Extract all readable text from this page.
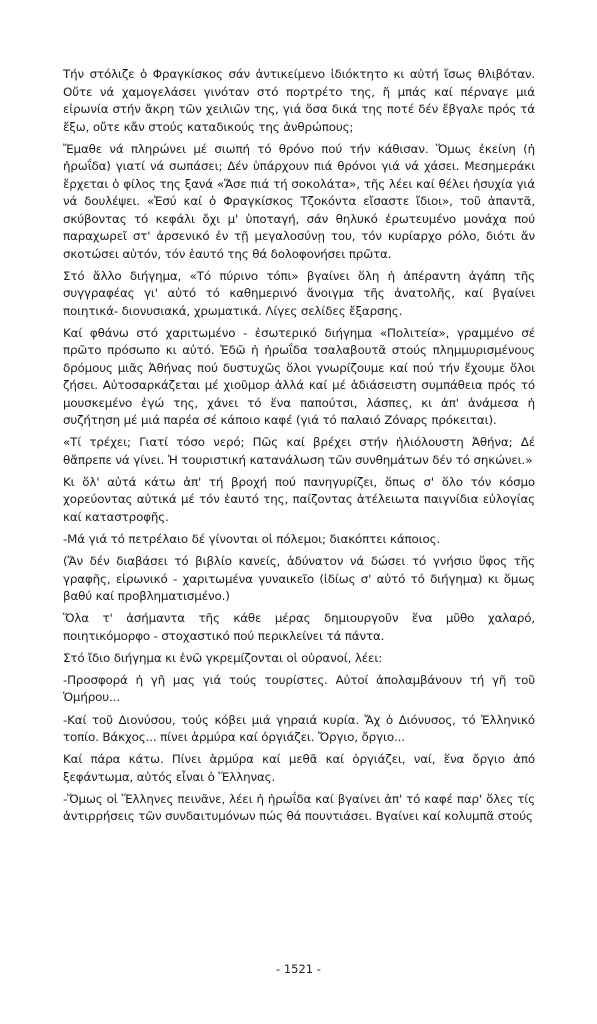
Τήν στόλιζε ὁ Φραγκίσκος σάν ἀντικείμενο ἰδιόκτητο κι αὐτή ἴσως θλιβόταν. Οὔτε νά χαμογελάσει γινόταν στό πορτρέτο της, ἤ μπάς καί πέρναγε μιά εἰρωνία στήν ἄκρη τῶν χειλιῶν της, γιά ὅσα δικά της ποτέ δέν ἔβγαλε πρός τά ἔξω, οὔτε κἄν στούς καταδικούς της ἀνθρώπους;

Ἔμαθε νά πληρώνει μέ σιωπή τό θρόνο πού τήν κάθισαν. Ὅμως ἐκείνη (ἡ ἡρωΐδα) γιατί νά σωπάσει; Δέν ὑπάρχουν πιά θρόνοι γιά νά χάσει. Μεσημεράκι ἔρχεται ὁ φίλος της ξανά «Ἄσε πιά τή σοκολάτα», τῆς λέει καί θέλει ἡσυχία γιά νά δουλέψει. «Ἐσύ καί ὁ Φραγκίσκος Τζοκόντα εἴσαστε ἴδιοι», τοῦ ἀπαντᾶ, σκύβοντας τό κεφάλι ὄχι μ' ὑποταγή, σάν θηλυκό ἐρωτευμένο μονάχα πού παραχωρεῖ στ' ἀρσενικό ἐν τῇ μεγαλοσύνῃ του, τόν κυρίαρχο ρόλο, διότι ἄν σκοτώσει αὐτόν, τόν ἑαυτό της θά δολοφονήσει πρῶτα.

Στό ἄλλο διήγημα, «Τό πύρινο τόπι» βγαίνει ὅλη ἡ ἀπέραντη ἀγάπη τῆς συγγραφέας γι' αὐτό τό καθημερινό ἄνοιγμα τῆς ἀνατολῆς, καί βγαίνει ποιητικά- διονυσιακά, χρωματικά. Λίγες σελίδες ἔξαρσης.

Καί φθάνω στό χαριτωμένο - ἐσωτερικό διήγημα «Πολιτεία», γραμμένο σέ πρῶτο πρόσωπο κι αὐτό. Ἐδῶ ἡ ἡρωΐδα τσαλαβουτᾶ στούς πλημμυρισμένους δρόμους μιᾶς Ἀθήνας πού δυστυχῶς ὅλοι γνωρίζουμε καί πού τήν ἔχουμε ὅλοι ζήσει. Αὐτοσαρκάζεται μέ χιοῦμορ ἀλλά καί μέ ἀδιάσειστη συμπάθεια πρός τό μουσκεμένο ἐγώ της, χάνει τό ἕνα παπούτσι, λάσπες, κι ἀπ' ἀνάμεσα ἡ συζήτηση μέ μιά παρέα σέ κάποιο καφέ (γιά τό παλαιό Ζόναρς πρόκειται).

«Τί τρέχει; Γιατί τόσο νερό; Πῶς καί βρέχει στήν ἡλιόλουστη Ἀθήνα; Δέ θἄπρεπε νά γίνει. Ἡ τουριστική κατανάλωση τῶν συνθημάτων δέν τό σηκώνει.»

Κι ὅλ' αὐτά κάτω ἀπ' τή βροχή πού πανηγυρίζει, ὅπως σ' ὅλο τόν κόσμο χορεύοντας αὐτικά μέ τόν ἑαυτό της, παίζοντας ἀτέλειωτα παιγνίδια εὐλογίας καί καταστροφῆς.

-Μά γιά τό πετρέλαιο δέ γίνονται οἱ πόλεμοι; διακόπτει κάποιος.

(Ἄν δέν διαβάσει τό βιβλίο κανείς, ἀδύνατον νά δώσει τό γνήσιο ὕφος τῆς γραφῆς, εἰρωνικό - χαριτωμένα γυναικεῖο (ἰδίως σ' αὐτό τό διήγημα) κι ὅμως βαθύ καί προβληματισμένο.)

Ὅλα τ' ἀσήμαντα τῆς κάθε μέρας δημιουργοῦν ἕνα μῦθο χαλαρό, ποιητικόμορφο - στοχαστικό πού περικλείνει τά πάντα.

Στό ἴδιο διήγημα κι ἐνῶ γκρεμίζονται οἱ οὐρανοί, λέει:

-Προσφορά ἡ γῆ μας γιά τούς τουρίστες. Αὐτοί ἀπολαμβάνουν τή γῆ τοῦ Ὁμήρου...

-Καί τοῦ Διονύσου, τούς κόβει μιά γηραιά κυρία. Ἄχ ὁ Διόνυσος, τό Ἑλληνικό τοπίο. Βάκχος... πίνει ἁρμύρα καί ὀργιάζει. Ὄργιο, ὄργιο...

Καί πάρα κάτω. Πίνει ἁρμύρα καί μεθᾶ καί ὀργιάζει, ναί, ἕνα ὄργιο ἀπό ξεφάντωμα, αὐτός εἶναι ὁ Ἕλληνας.

-Ὅμως οἱ Ἕλληνες πεινᾶνε, λέει ἡ ἡρωΐδα καί βγαίνει ἀπ' τό καφέ παρ' ὅλες τίς ἀντιρρήσεις τῶν συνδαιτυμόνων πώς θά πουντιάσει. Βγαίνει καί κολυμπᾶ στούς

- 1521 -
